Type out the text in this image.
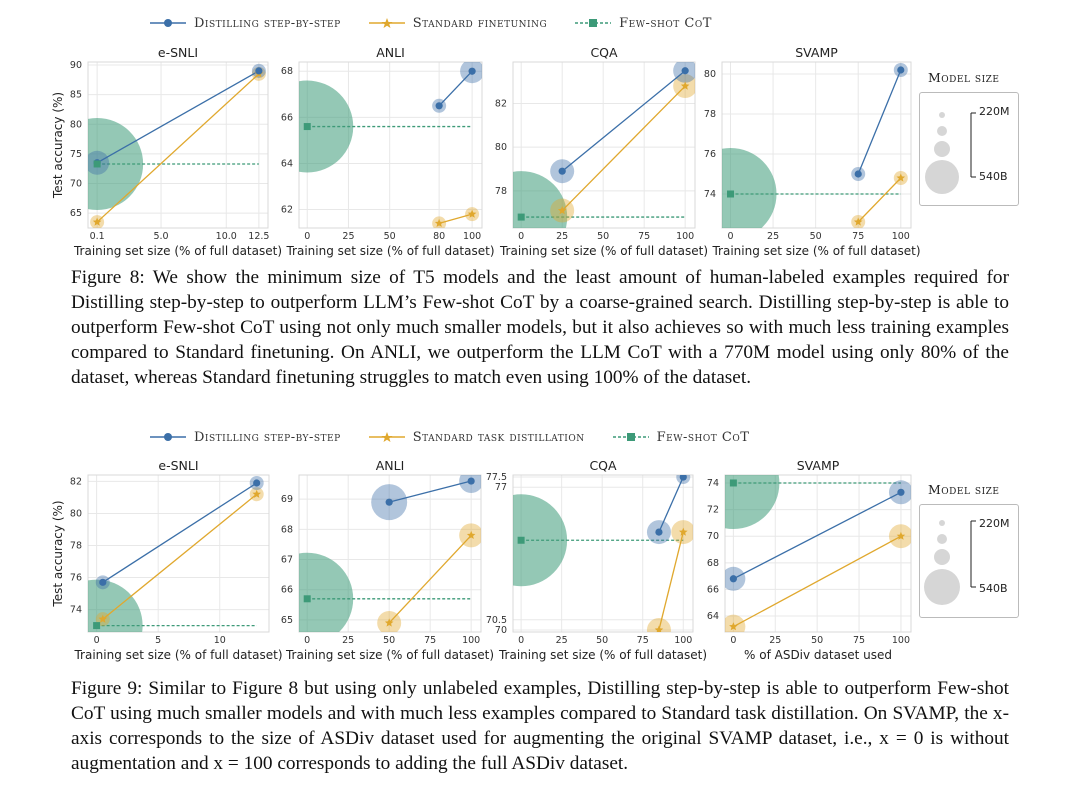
Distilling step-by-step	Standard finetuning	Few-shot CoT
0.1	5.0	10.0 12.5
65
70
75
80
85
90
e-SNLI
Training set size (% of full dataset)
Test accuracy (%)
0	25	50	80 100
62
64
66
68
ANLI
Training set size (% of full dataset)
0	25	50	75	100
78
80
82
CQA
Training set size (% of full dataset)
0	25	50	75	100
74
76
78
80
SVAMP
Training set size (% of full dataset)
Model size
220M
540B
Figure 8: We show the minimum size of T5 models and the least amount of human-labeled examples required for Distilling step-by-step to outperform LLM’s Few-shot CoT by a coarse-grained search. Distilling step-by-step is able to outperform Few-shot CoT using not only much smaller models, but it also achieves so with much less training examples compared to Standard finetuning. On ANLI, we outperform the LLM CoT with a 770M model using only 80% of the dataset, whereas Standard finetuning struggles to match even using 100% of the dataset.
Distilling step-by-step	Standard task distillation	Few-shot CoT
0	5	10
74
76
78
80
82
e-SNLI
Training set size (% of full dataset)
Test accuracy (%)
0	25	50	75	100
65
66
67
68
69
ANLI
Training set size (% of full dataset)
0	25	50	75	100
70
70.5
77
77.5
CQA
Training set size (% of full dataset)
0	25	50	75	100
64
66
68
70
72
74
SVAMP
% of ASDiv dataset used
Model size
220M
540B
Figure 9: Similar to Figure 8 but using only unlabeled examples, Distilling step-by-step is able to outperform Few-shot CoT using much smaller models and with much less examples compared to Standard task distillation. On SVAMP, the x-axis corresponds to the size of ASDiv dataset used for augmenting the original SVAMP dataset, i.e., x = 0 is without augmentation and x = 100 corresponds to adding the full ASDiv dataset.
